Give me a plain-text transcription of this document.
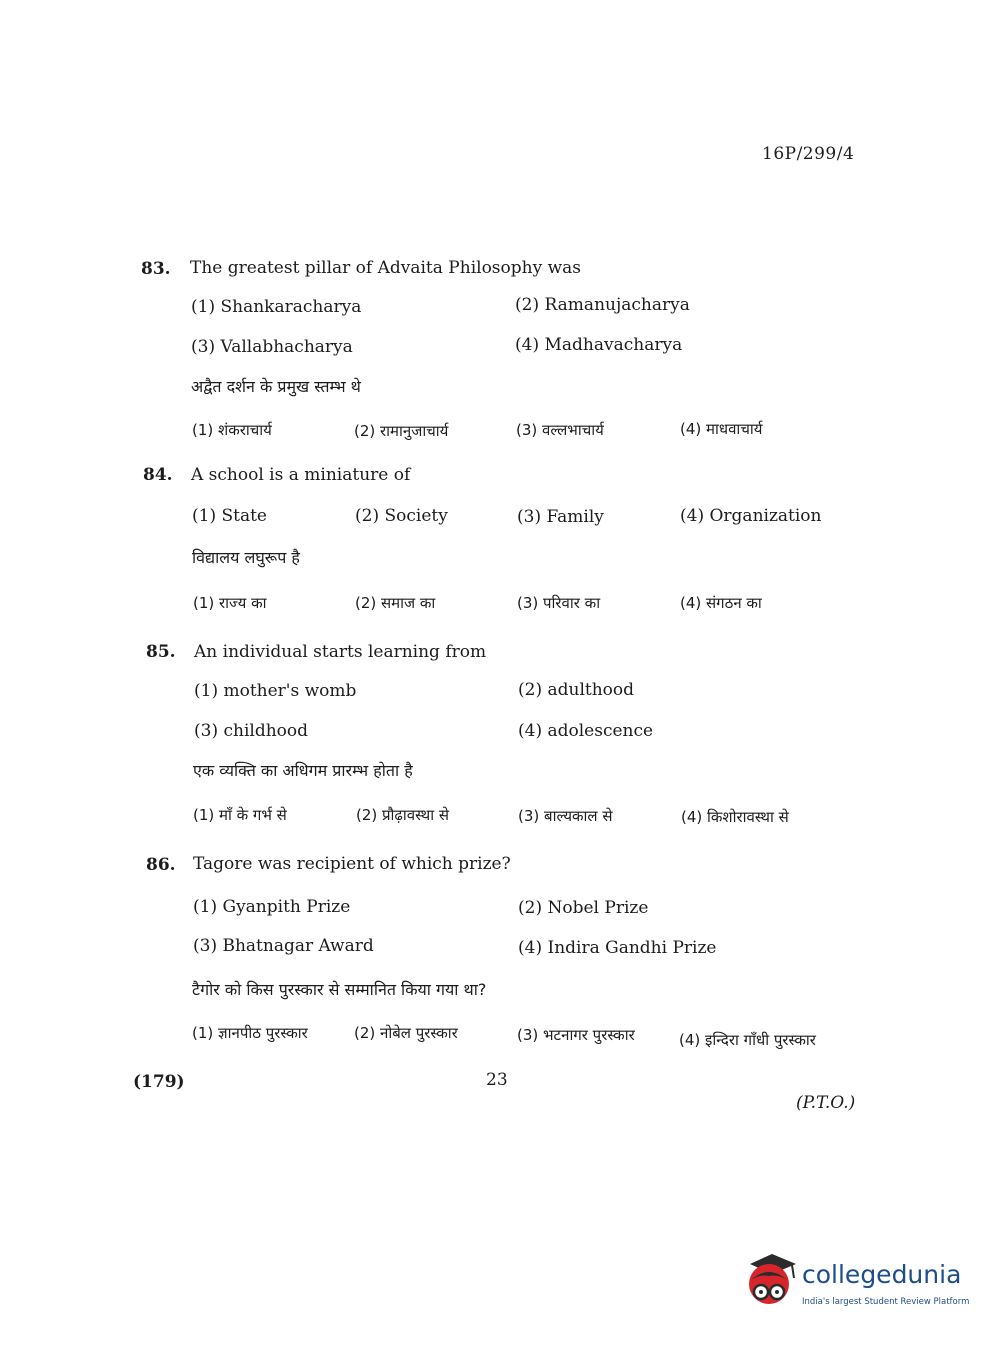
16P/299/4
83. The greatest pillar of Advaita Philosophy was
(1) Shankaracharya	(2) Ramanujacharya
(3) Vallabhacharya	(4) Madhavacharya
अद्वैत दर्शन के प्रमुख स्तम्भ थे
(1) शंकराचार्य	(2) रामानुजाचार्य	(3) वल्लभाचार्य	(4) माधवाचार्य
84. A school is a miniature of
(1) State	(2) Society	(3) Family	(4) Organization
विद्यालय लघुरूप है
(1) राज्य का	(2) समाज का	(3) परिवार का	(4) संगठन का
85. An individual starts learning from
(1) mother's womb	(2) adulthood
(3) childhood	(4) adolescence
एक व्यक्ति का अधिगम प्रारम्भ होता है
(1) माँ के गर्भ से	(2) प्रौढ़ावस्था से	(3) बाल्यकाल से	(4) किशोरावस्था से
86. Tagore was recipient of which prize?
(1) Gyanpith Prize	(2) Nobel Prize
(3) Bhatnagar Award	(4) Indira Gandhi Prize
टैगोर को किस पुरस्कार से सम्मानित किया गया था?
(1) ज्ञानपीठ पुरस्कार	(2) नोबेल पुरस्कार	(3) भटनागर पुरस्कार	(4) इन्दिरा गाँधी पुरस्कार
(179)	23
(P.T.O.)
collegedunia
India's largest Student Review Platform
